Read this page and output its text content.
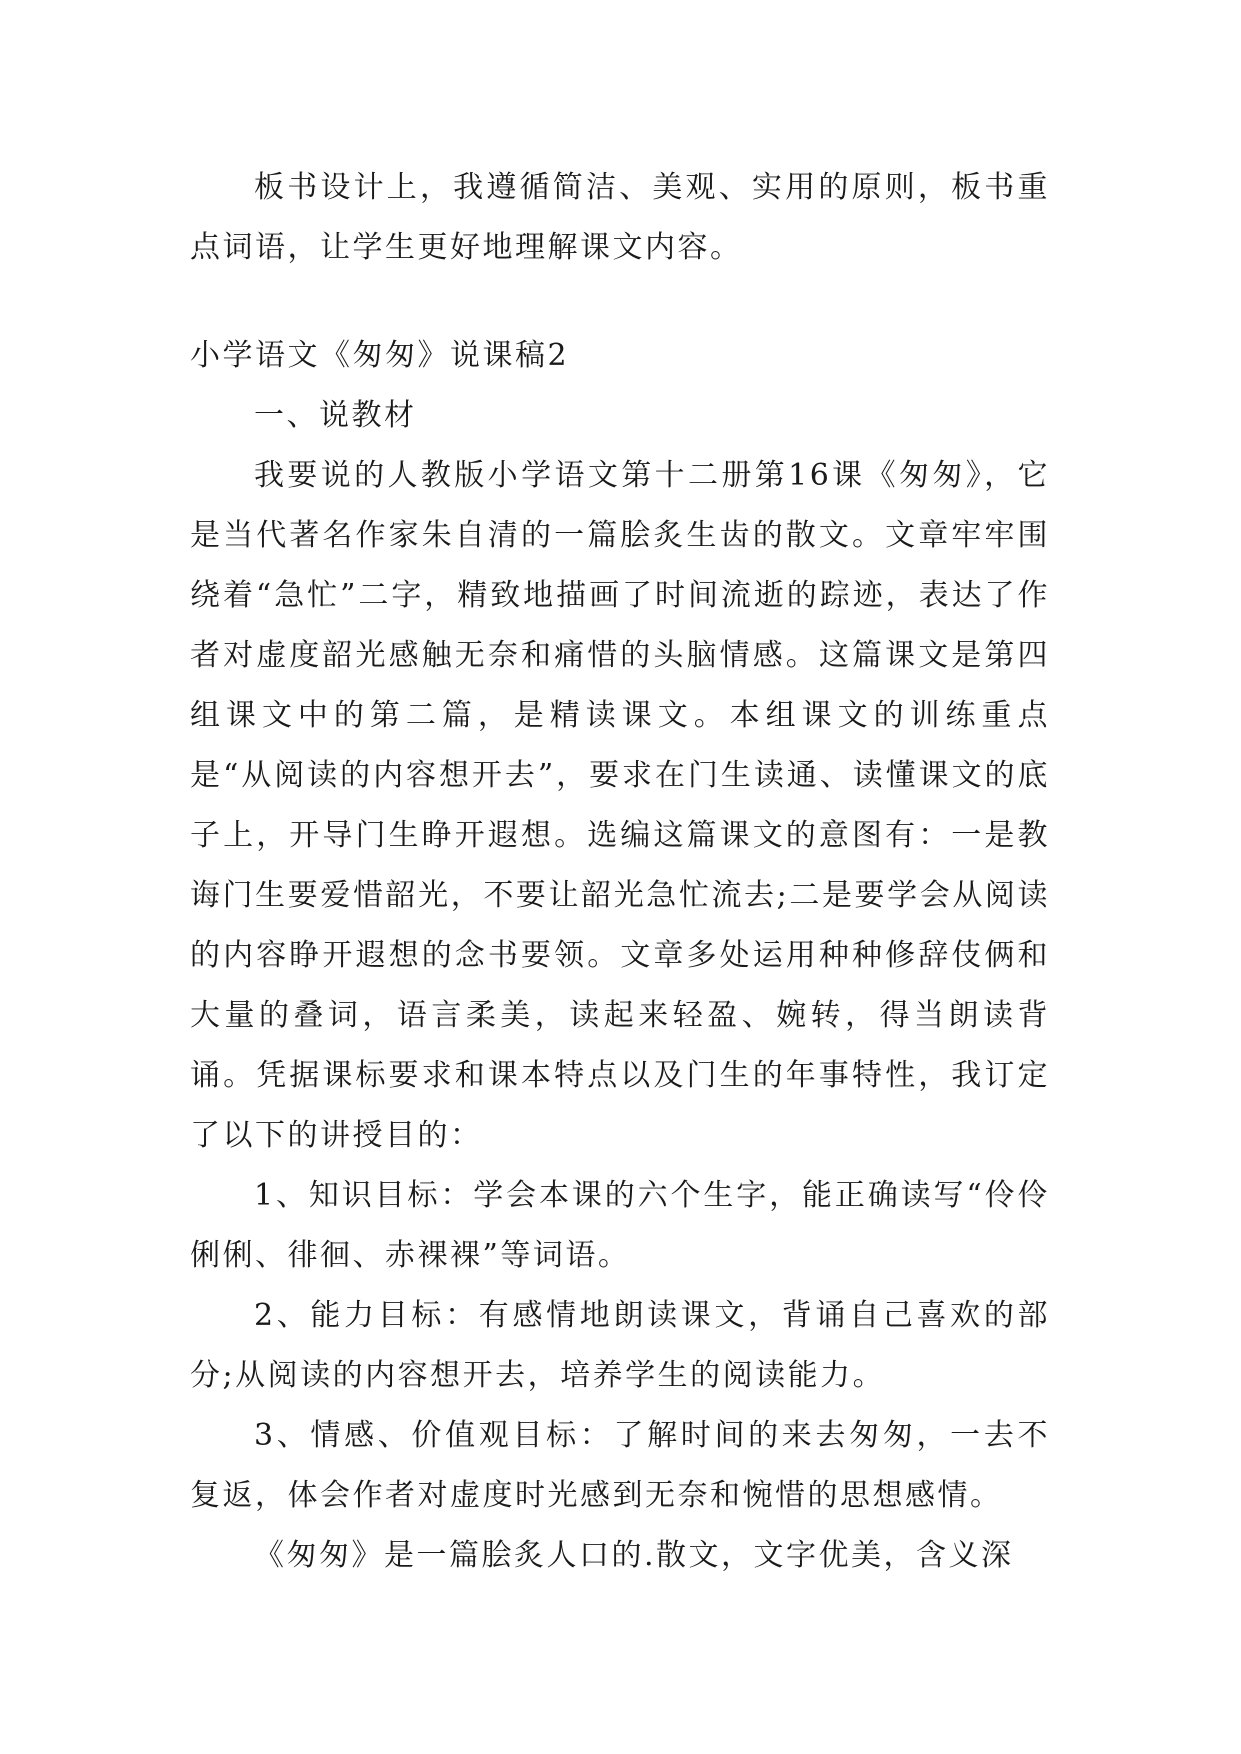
板书设计上，我遵循简洁、美观、实用的原则，板书重点词语，让学生更好地理解课文内容。

小学语文《匆匆》说课稿2

一、说教材

我要说的人教版小学语文第十二册第16课《匆匆》，它是当代著名作家朱自清的一篇脍炙生齿的散文。文章牢牢围绕着“急忙”二字，精致地描画了时间流逝的踪迹，表达了作者对虚度韶光感触无奈和痛惜的头脑情感。这篇课文是第四组课文中的第二篇，是精读课文。本组课文的训练重点是“从阅读的内容想开去”，要求在门生读通、读懂课文的底子上，开导门生睁开遐想。选编这篇课文的意图有：一是教诲门生要爱惜韶光，不要让韶光急忙流去;二是要学会从阅读的内容睁开遐想的念书要领。文章多处运用种种修辞伎俩和大量的叠词，语言柔美，读起来轻盈、婉转，得当朗读背诵。凭据课标要求和课本特点以及门生的年事特性，我订定了以下的讲授目的：

1、知识目标：学会本课的六个生字，能正确读写“伶伶俐俐、徘徊、赤裸裸”等词语。

2、能力目标：有感情地朗读课文，背诵自己喜欢的部分;从阅读的内容想开去，培养学生的阅读能力。

3、情感、价值观目标：了解时间的来去匆匆，一去不复返，体会作者对虚度时光感到无奈和惋惜的思想感情。

《匆匆》是一篇脍炙人口的.散文，文字优美，含义深
